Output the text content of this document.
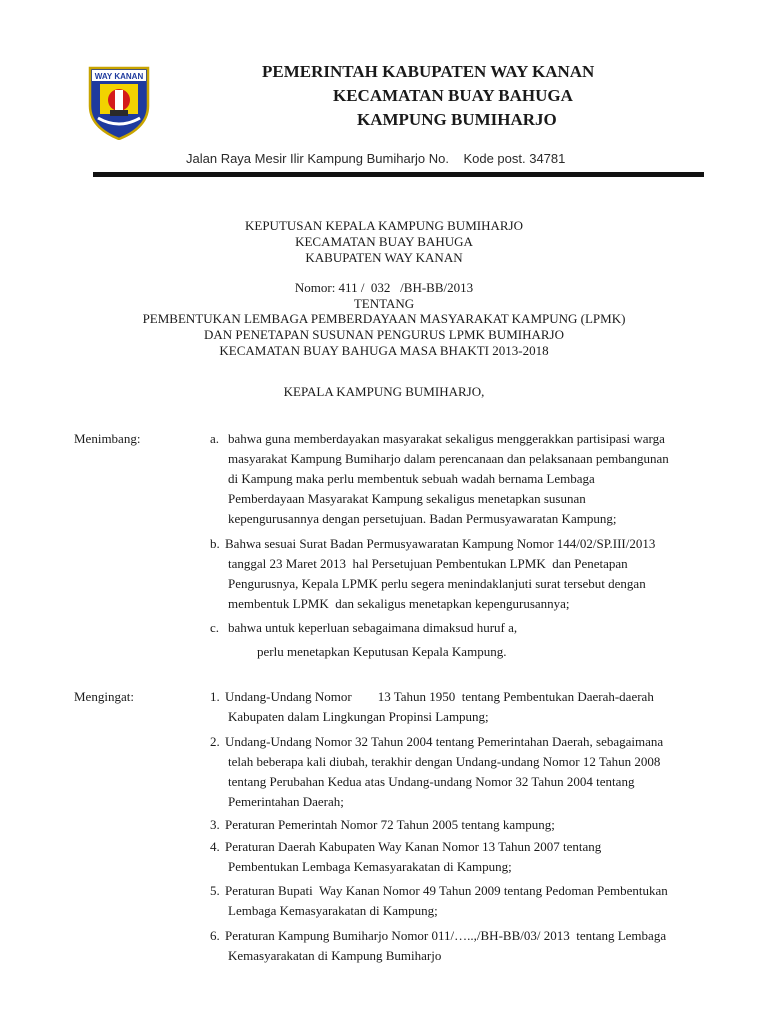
WAY KANAN	PEMERINTAH KABUPATEN WAY KANAN
KECAMATAN BUAY BAHUGA
KAMPUNG BUMIHARJO
Jalan Raya Mesir Ilir Kampung Bumiharjo No.    Kode post. 34781
KEPUTUSAN KEPALA KAMPUNG BUMIHARJO
KECAMATAN BUAY BAHUGA
KABUPATEN WAY KANAN
Nomor: 411 /  032   /BH-BB/2013
TENTANG
PEMBENTUKAN LEMBAGA PEMBERDAYAAN MASYARAKAT KAMPUNG (LPMK)
DAN PENETAPAN SUSUNAN PENGURUS LPMK BUMIHARJO
KECAMATAN BUAY BAHUGA MASA BHAKTI 2013-2018
KEPALA KAMPUNG BUMIHARJO,
Menimbang:	a. bahwa guna memberdayakan masyarakat sekaligus menggerakkan partisipasi warga
masyarakat Kampung Bumiharjo dalam perencanaan dan pelaksanaan pembangunan
di Kampung maka perlu membentuk sebuah wadah bernama Lembaga
Pemberdayaan Masyarakat Kampung sekaligus menetapkan susunan
kepengurusannya dengan persetujuan. Badan Permusyawaratan Kampung;
b. Bahwa sesuai Surat Badan Permusyawaratan Kampung Nomor 144/02/SP.III/2013
tanggal 23 Maret 2013  hal Persetujuan Pembentukan LPMK  dan Penetapan
Pengurusnya, Kepala LPMK perlu segera menindaklanjuti surat tersebut dengan
membentuk LPMK  dan sekaligus menetapkan kepengurusannya;
c. bahwa untuk keperluan sebagaimana dimaksud huruf a,
perlu menetapkan Keputusan Kepala Kampung.
Mengingat:	1. Undang-Undang Nomor        13 Tahun 1950  tentang Pembentukan Daerah-daerah
Kabupaten dalam Lingkungan Propinsi Lampung;
2. Undang-Undang Nomor 32 Tahun 2004 tentang Pemerintahan Daerah, sebagaimana
telah beberapa kali diubah, terakhir dengan Undang-undang Nomor 12 Tahun 2008
tentang Perubahan Kedua atas Undang-undang Nomor 32 Tahun 2004 tentang
Pemerintahan Daerah;
3. Peraturan Pemerintah Nomor 72 Tahun 2005 tentang kampung;
4. Peraturan Daerah Kabupaten Way Kanan Nomor 13 Tahun 2007 tentang
Pembentukan Lembaga Kemasyarakatan di Kampung;
5. Peraturan Bupati  Way Kanan Nomor 49 Tahun 2009 tentang Pedoman Pembentukan
Lembaga Kemasyarakatan di Kampung;
6. Peraturan Kampung Bumiharjo Nomor 011/…..,/BH-BB/03/ 2013  tentang Lembaga
Kemasyarakatan di Kampung Bumiharjo
